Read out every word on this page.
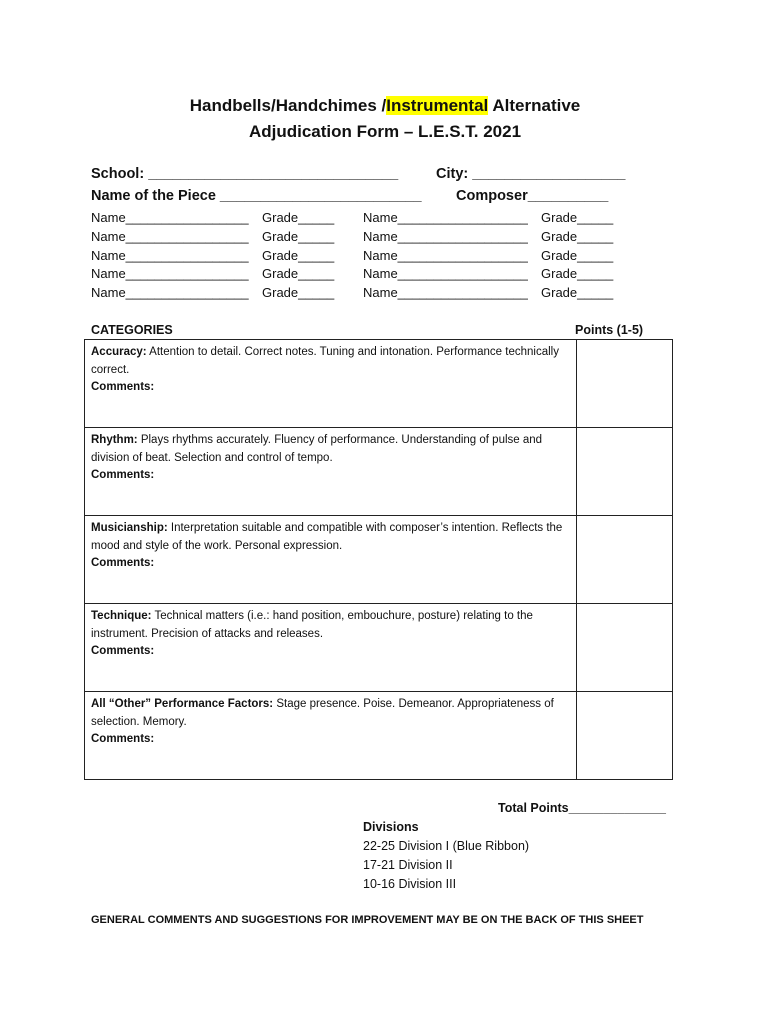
Handbells/Handchimes /Instrumental Alternative
Adjudication Form – L.E.S.T. 2021
School: _______________________________	City: ___________________
Name of the Piece _________________________ Composer__________
Name_________________ Grade_____ Name__________________ Grade_____
Name_________________ Grade_____ Name__________________ Grade_____
Name_________________ Grade_____ Name__________________ Grade_____
Name_________________ Grade_____ Name__________________ Grade_____
Name_________________ Grade_____ Name__________________ Grade_____
CATEGORIES	Points (1-5)
Accuracy: Attention to detail. Correct notes. Tuning and intonation. Performance technically correct.
Comments:	
Rhythm: Plays rhythms accurately. Fluency of performance. Understanding of pulse and division of beat. Selection and control of tempo.
Comments:	
Musicianship: Interpretation suitable and compatible with composer’s intention. Reflects the mood and style of the work. Personal expression.
Comments:	
Technique: Technical matters (i.e.: hand position, embouchure, posture) relating to the instrument. Precision of attacks and releases.
Comments:	
All “Other” Performance Factors: Stage presence. Poise. Demeanor. Appropriateness of selection. Memory.
Comments:	
Total Points______________
Divisions
22-25 Division I (Blue Ribbon)
17-21 Division II
10-16 Division III
GENERAL COMMENTS AND SUGGESTIONS FOR IMPROVEMENT MAY BE ON THE BACK OF THIS SHEET
